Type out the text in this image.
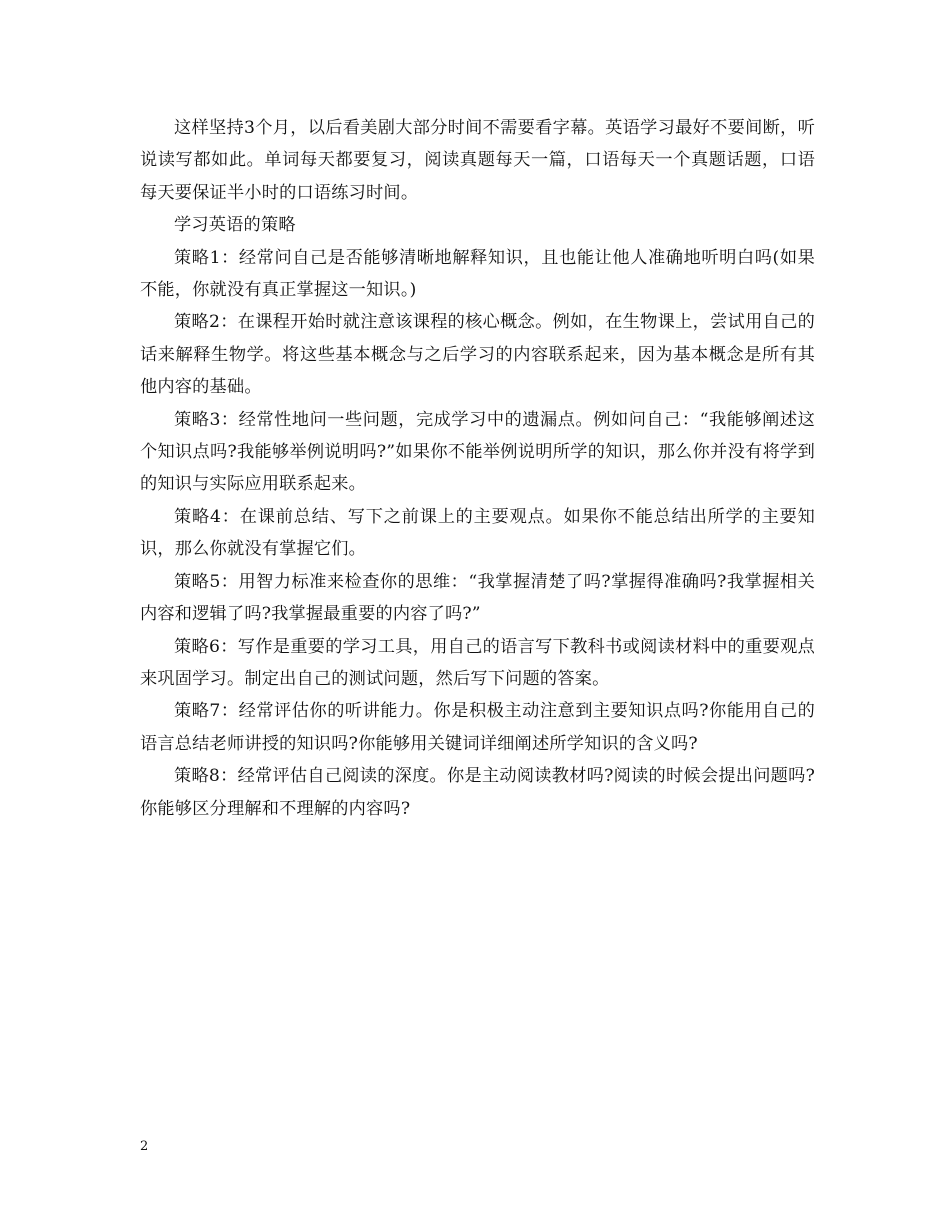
这样坚持3个月，以后看美剧大部分时间不需要看字幕。英语学习最好不要间断，听说读写都如此。单词每天都要复习，阅读真题每天一篇，口语每天一个真题话题，口语每天要保证半小时的口语练习时间。

学习英语的策略

策略1：经常问自己是否能够清晰地解释知识，且也能让他人准确地听明白吗(如果不能，你就没有真正掌握这一知识。)

策略2：在课程开始时就注意该课程的核心概念。例如，在生物课上，尝试用自己的话来解释生物学。将这些基本概念与之后学习的内容联系起来，因为基本概念是所有其他内容的基础。

策略3：经常性地问一些问题，完成学习中的遗漏点。例如问自己：“我能够阐述这个知识点吗?我能够举例说明吗?”如果你不能举例说明所学的知识，那么你并没有将学到的知识与实际应用联系起来。

策略4：在课前总结、写下之前课上的主要观点。如果你不能总结出所学的主要知识，那么你就没有掌握它们。

策略5：用智力标准来检查你的思维：“我掌握清楚了吗?掌握得准确吗?我掌握相关内容和逻辑了吗?我掌握最重要的内容了吗?”

策略6：写作是重要的学习工具，用自己的语言写下教科书或阅读材料中的重要观点来巩固学习。制定出自己的测试问题，然后写下问题的答案。

策略7：经常评估你的听讲能力。你是积极主动注意到主要知识点吗?你能用自己的语言总结老师讲授的知识吗?你能够用关键词详细阐述所学知识的含义吗?

策略8：经常评估自己阅读的深度。你是主动阅读教材吗?阅读的时候会提出问题吗?你能够区分理解和不理解的内容吗?

2
